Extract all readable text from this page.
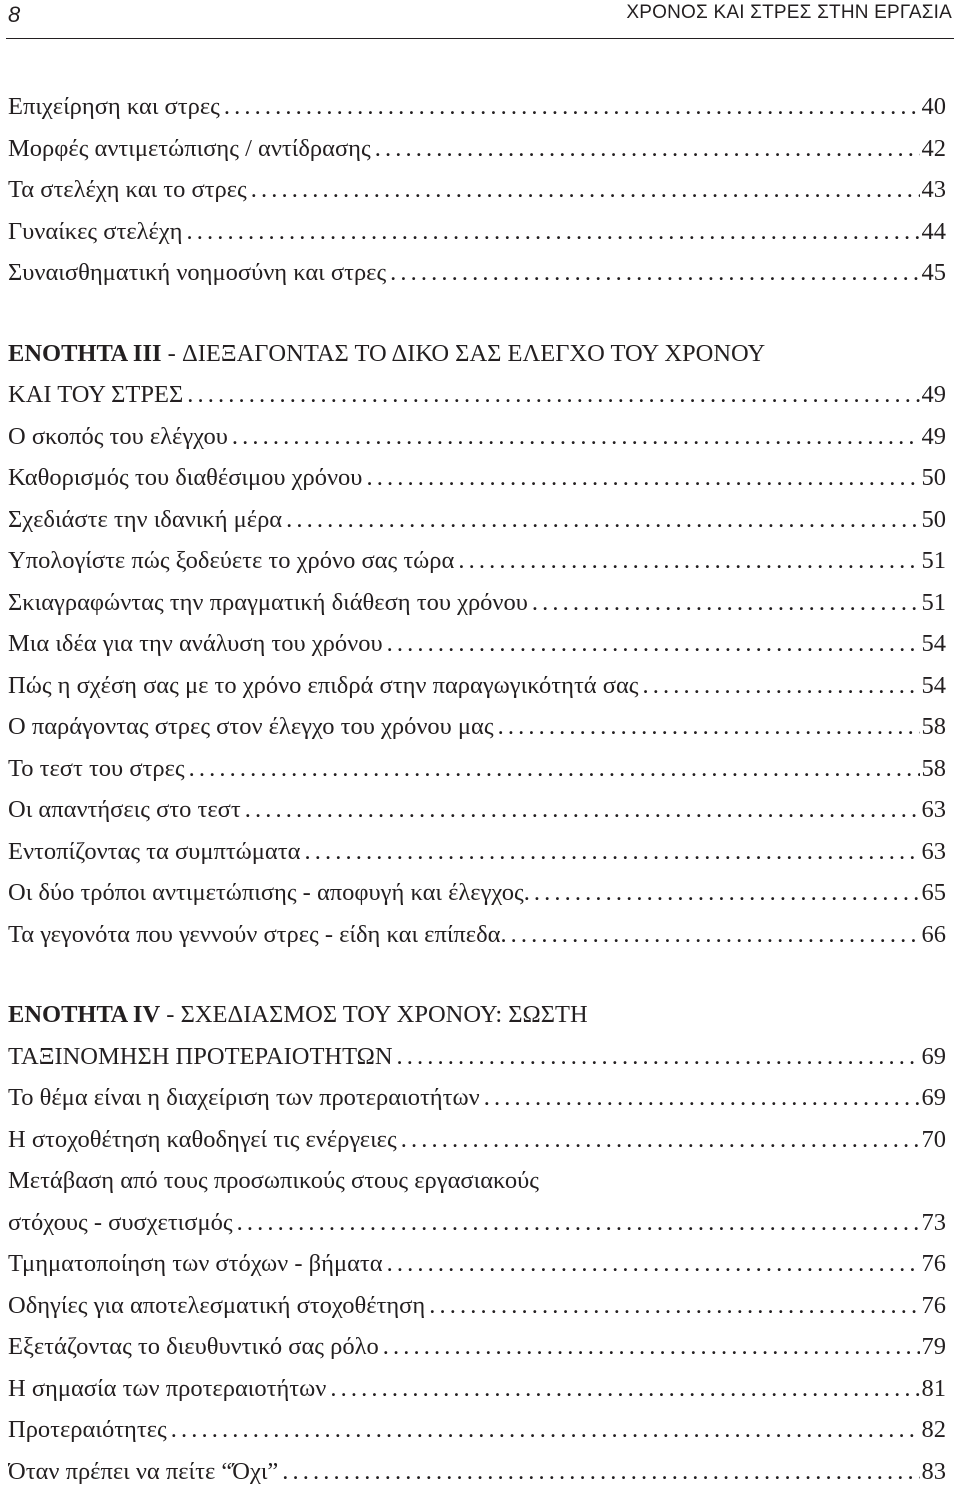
8	ΧΡΟΝΟΣ ΚΑΙ ΣΤΡΕΣ ΣΤΗΝ ΕΡΓΑΣΙΑ
Επιχείρηση και στρες . . .	40
Μορφές αντιμετώπισης / αντίδρασης . . .	42
Τα στελέχη και το στρες . . .	43
Γυναίκες στελέχη . . .	44
Συναισθηματική νοημοσύνη και στρες . . .	45
ΕΝΟΤΗΤΑ III - ΔΙΕΞΑΓΟΝΤΑΣ ΤΟ ΔΙΚΟ ΣΑΣ ΕΛΕΓΧΟ ΤΟΥ ΧΡΟΝΟΥ
ΚΑΙ ΤΟΥ ΣΤΡΕΣ . . .	49
Ο σκοπός του ελέγχου . . .	49
Καθορισμός του διαθέσιμου χρόνου . . .	50
Σχεδιάστε την ιδανική μέρα . . .	50
Υπολογίστε πώς ξοδεύετε το χρόνο σας τώρα . . .	51
Σκιαγραφώντας την πραγματική διάθεση του χρόνου . . .	51
Μια ιδέα για την ανάλυση του χρόνου . . .	54
Πώς η σχέση σας με το χρόνο επιδρά στην παραγωγικότητά σας . . .	54
Ο παράγοντας στρες στον έλεγχο του χρόνου μας . . .	58
Το τεστ του στρες . . .	58
Οι απαντήσεις στο τεστ . . .	63
Εντοπίζοντας τα συμπτώματα . . .	63
Οι δύο τρόποι αντιμετώπισης - αποφυγή και έλεγχος. . . .	65
Τα γεγονότα που γεννούν στρες - είδη και επίπεδα. . . .	66
ΕΝΟΤΗΤΑ IV - ΣΧΕΔΙΑΣΜΟΣ ΤΟΥ ΧΡΟΝΟΥ: ΣΩΣΤΗ
ΤΑΞΙΝΟΜΗΣΗ ΠΡΟΤΕΡΑΙΟΤΗΤΩΝ . . .	69
Το θέμα είναι η διαχείριση των προτεραιοτήτων . . .	69
Η στοχοθέτηση καθοδηγεί τις ενέργειες . . .	70
Μετάβαση από τους προσωπικούς στους εργασιακούς
στόχους - συσχετισμός . . .	73
Τμηματοποίηση των στόχων - βήματα . . .	76
Οδηγίες για αποτελεσματική στοχοθέτηση . . .	76
Εξετάζοντας το διευθυντικό σας ρόλο . . .	79
Η σημασία των προτεραιοτήτων . . .	81
Προτεραιότητες . . .	82
Όταν πρέπει να πείτε “Όχι” . . .	83
